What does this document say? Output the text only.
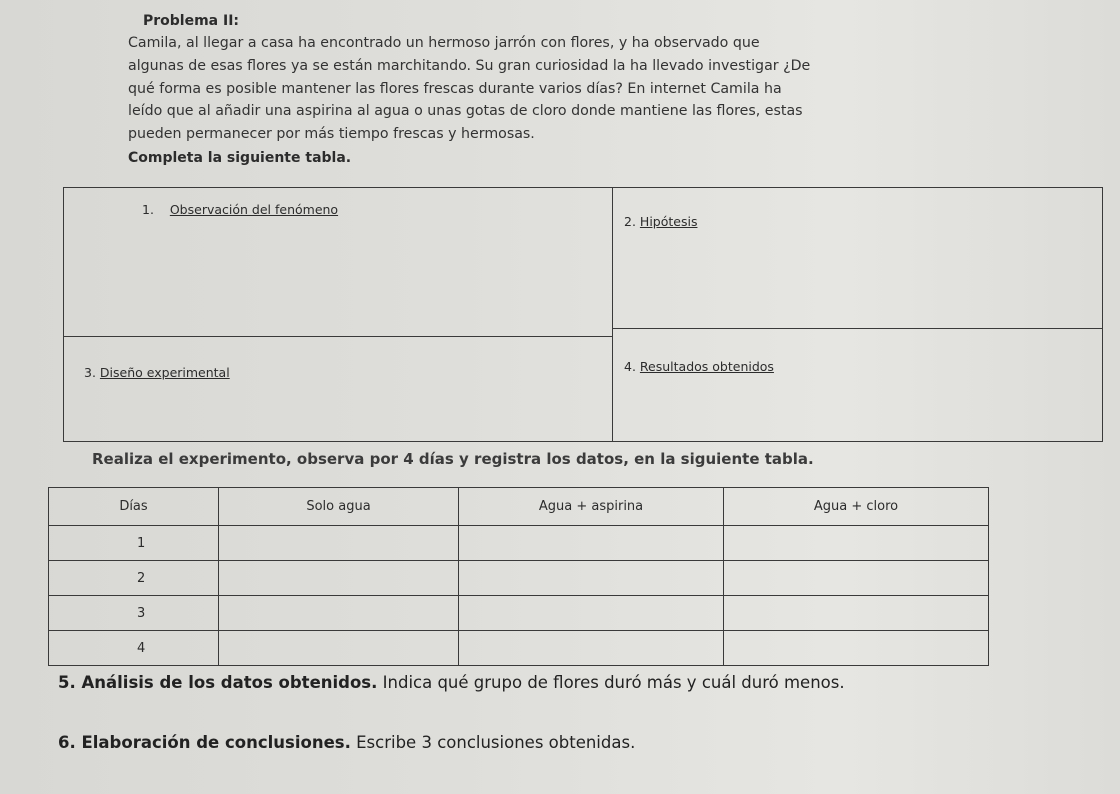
Problema II:
Camila, al llegar a casa ha encontrado un hermoso jarrón con flores, y ha observado que
algunas de esas flores ya se están marchitando. Su gran curiosidad la ha llevado investigar ¿De
qué forma es posible mantener las flores frescas durante varios días? En internet Camila ha
leído que al añadir una aspirina al agua o unas gotas de cloro donde mantiene las flores, estas
pueden permanecer por más tiempo frescas y hermosas.
Completa la siguiente tabla.
1. Observación del fenómeno
2. Hipótesis
3. Diseño experimental	4. Resultados obtenidos
Realiza el experimento, observa por 4 días y registra los datos, en la siguiente tabla.
Días	Solo agua	Agua + aspirina	Agua + cloro
1			
2			
3			
4			
5. Análisis de los datos obtenidos. Indica qué grupo de flores duró más y cuál duró menos.
6. Elaboración de conclusiones. Escribe 3 conclusiones obtenidas.
